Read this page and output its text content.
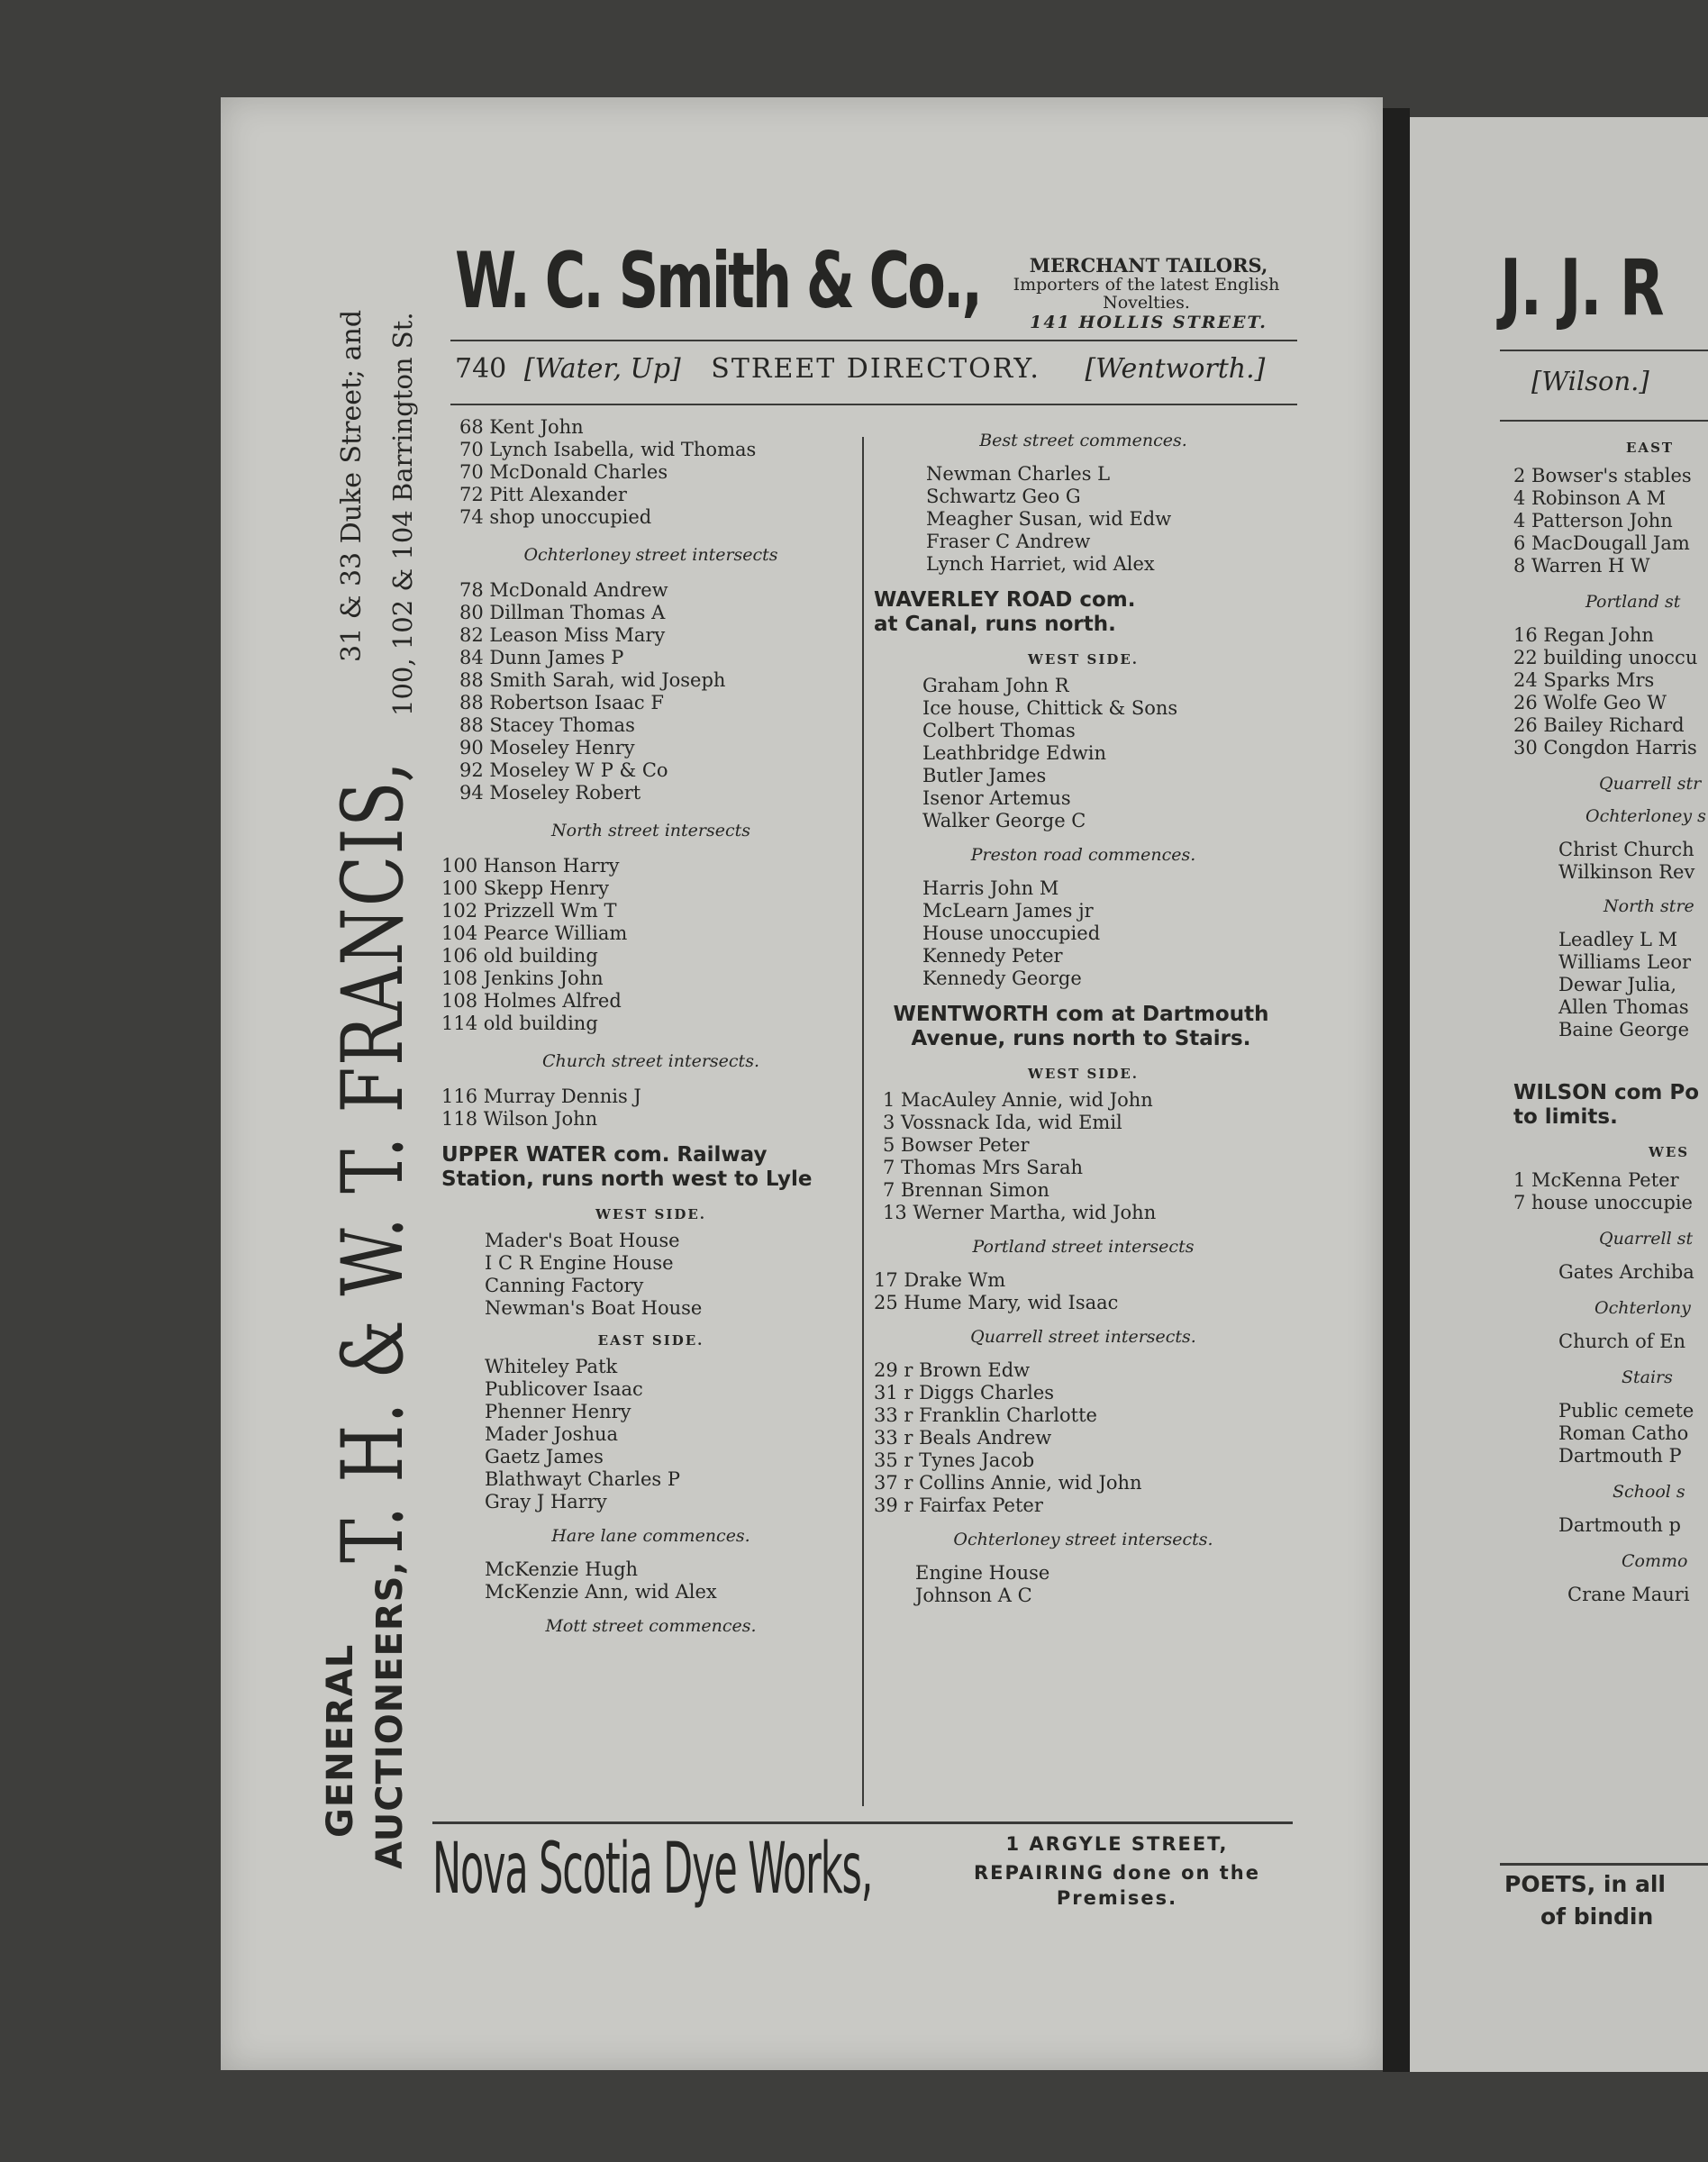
W. C. Smith & Co.,	MERCHANT TAILORS,
Importers of the latest English
Novelties.
141 HOLLIS STREET.
740 [Water, Up] STREET DIRECTORY. [Wentworth.]
GENERAL AUCTIONEERS,
T. H. & W. T. FRANCIS,
31 & 33 Duke Street; and 100, 102 & 104 Barrington St. 68 Kent John
70 Lynch Isabella, wid Thomas
70 McDonald Charles
72 Pitt Alexander
74 shop unoccupied
Ochterloney street intersects
78 McDonald Andrew
80 Dillman Thomas A
82 Leason Miss Mary
84 Dunn James P
88 Smith Sarah, wid Joseph
88 Robertson Isaac F
88 Stacey Thomas
90 Moseley Henry
92 Moseley W P & Co
94 Moseley Robert
North street intersects
100 Hanson Harry
100 Skepp Henry
102 Prizzell Wm T
104 Pearce William
106 old building
108 Jenkins John
108 Holmes Alfred
114 old building
Church street intersects.
116 Murray Dennis J
118 Wilson John
UPPER WATER com. Railway Station, runs north west to Lyle
WEST SIDE.
Mader's Boat House
I C R Engine House
Canning Factory
Newman's Boat House
EAST SIDE.
Whiteley Patk
Publicover Isaac
Phenner Henry
Mader Joshua
Gaetz James
Blathwayt Charles P
Gray J Harry
Hare lane commences.
McKenzie Hugh
McKenzie Ann, wid Alex
Mott street commences.
Best street commences.
Newman Charles L
Schwartz Geo G
Meagher Susan, wid Edw
Fraser C Andrew
Lynch Harriet, wid Alex
WAVERLEY ROAD com. at Canal, runs north.
WEST SIDE.
Graham John R
Ice house, Chittick & Sons
Colbert Thomas
Leathbridge Edwin
Butler James
Isenor Artemus
Walker George C
Preston road commences.
Harris John M
McLearn James jr
House unoccupied
Kennedy Peter
Kennedy George
WENTWORTH com at Dartmouth Avenue, runs north to Stairs.
WEST SIDE.
1 MacAuley Annie, wid John
3 Vossnack Ida, wid Emil
5 Bowser Peter
7 Thomas Mrs Sarah
7 Brennan Simon
13 Werner Martha, wid John
Portland street intersects
17 Drake Wm
25 Hume Mary, wid Isaac
Quarrell street intersects.
29 r Brown Edw
31 r Diggs Charles
33 r Franklin Charlotte
33 r Beals Andrew
35 r Tynes Jacob
37 r Collins Annie, wid John
39 r Fairfax Peter
Ochterloney street intersects.
Engine House
Johnson A C
Nova Scotia Dye Works,	1 ARGYLE STREET,
REPAIRING done on the
Premises.
J. J. R
[Wilson.]
EAST
2 Bowser's stables
4 Robinson A M
4 Patterson John
6 MacDougall Jam
8 Warren H W
Portland st
16 Regan John
22 building unoccu
24 Sparks Mrs
26 Wolfe Geo W
26 Bailey Richard
30 Congdon Harris
Quarrell str
Ochterloney s
Christ Church
Wilkinson Rev
North stre
Leadley L M
Williams Leor
Dewar Julia,
Allen Thomas
Baine George
WILSON com Po to limits.
WES
1 McKenna Peter
7 house unoccupie
Quarrell st
Gates Archiba
Ochterlony
Church of En
Stairs
Public cemete
Roman Catho
Dartmouth P
School s
Dartmouth p
Commo
Crane Mauri
POETS, in all
of bindin
